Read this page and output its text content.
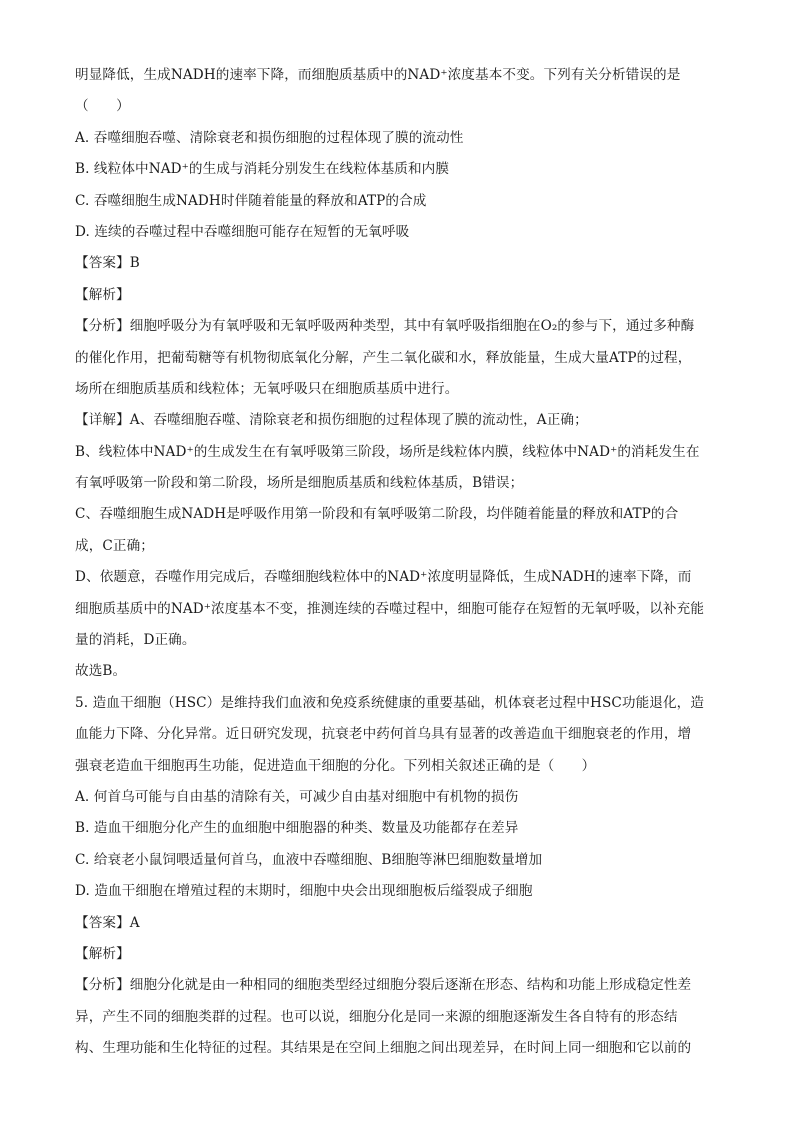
明显降低，生成NADH的速率下降，而细胞质基质中的NAD⁺浓度基本不变。下列有关分析错误的是
（　　）
A. 吞噬细胞吞噬、清除衰老和损伤细胞的过程体现了膜的流动性
B. 线粒体中NAD⁺的生成与消耗分别发生在线粒体基质和内膜
C. 吞噬细胞生成NADH时伴随着能量的释放和ATP的合成
D. 连续的吞噬过程中吞噬细胞可能存在短暂的无氧呼吸
【答案】B
【解析】
【分析】细胞呼吸分为有氧呼吸和无氧呼吸两种类型，其中有氧呼吸指细胞在O₂的参与下，通过多种酶
的催化作用，把葡萄糖等有机物彻底氧化分解，产生二氧化碳和水，释放能量，生成大量ATP的过程，
场所在细胞质基质和线粒体；无氧呼吸只在细胞质基质中进行。
【详解】A、吞噬细胞吞噬、清除衰老和损伤细胞的过程体现了膜的流动性，A正确；
B、线粒体中NAD⁺的生成发生在有氧呼吸第三阶段，场所是线粒体内膜，线粒体中NAD⁺的消耗发生在
有氧呼吸第一阶段和第二阶段，场所是细胞质基质和线粒体基质，B错误；
C、吞噬细胞生成NADH是呼吸作用第一阶段和有氧呼吸第二阶段，均伴随着能量的释放和ATP的合
成，C正确；
D、依题意，吞噬作用完成后，吞噬细胞线粒体中的NAD⁺浓度明显降低，生成NADH的速率下降，而
细胞质基质中的NAD⁺浓度基本不变，推测连续的吞噬过程中，细胞可能存在短暂的无氧呼吸，以补充能
量的消耗，D正确。
故选B。
5. 造血干细胞（HSC）是维持我们血液和免疫系统健康的重要基础，机体衰老过程中HSC功能退化，造
血能力下降、分化异常。近日研究发现，抗衰老中药何首乌具有显著的改善造血干细胞衰老的作用，增
强衰老造血干细胞再生功能，促进造血干细胞的分化。下列相关叙述正确的是（　　）
A. 何首乌可能与自由基的清除有关，可减少自由基对细胞中有机物的损伤
B. 造血干细胞分化产生的血细胞中细胞器的种类、数量及功能都存在差异
C. 给衰老小鼠饲喂适量何首乌，血液中吞噬细胞、B细胞等淋巴细胞数量增加
D. 造血干细胞在增殖过程的末期时，细胞中央会出现细胞板后缢裂成子细胞
【答案】A
【解析】
【分析】细胞分化就是由一种相同的细胞类型经过细胞分裂后逐渐在形态、结构和功能上形成稳定性差
异，产生不同的细胞类群的过程。也可以说，细胞分化是同一来源的细胞逐渐发生各自特有的形态结
构、生理功能和生化特征的过程。其结果是在空间上细胞之间出现差异，在时间上同一细胞和它以前的
